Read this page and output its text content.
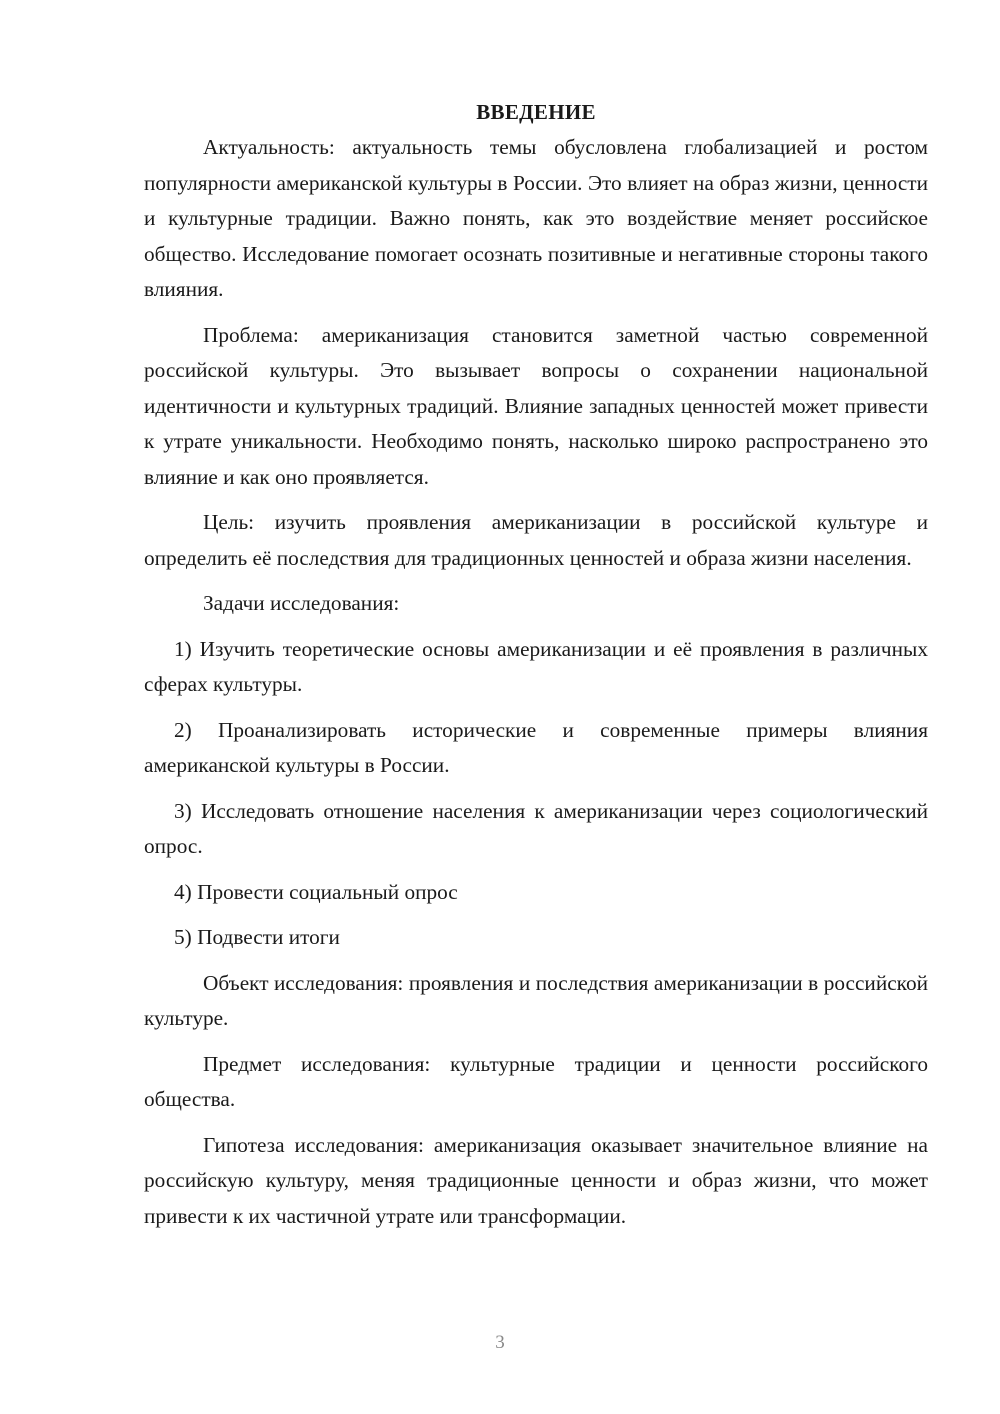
ВВЕДЕНИЕ

Актуальность: актуальность темы обусловлена глобализацией и ростом популярности американской культуры в России. Это влияет на образ жизни, ценности и культурные традиции. Важно понять, как это воздействие меняет российское общество. Исследование помогает осознать позитивные и негативные стороны такого влияния.

Проблема: американизация становится заметной частью современной российской культуры. Это вызывает вопросы о сохранении национальной идентичности и культурных традиций. Влияние западных ценностей может привести к утрате уникальности. Необходимо понять, насколько широко распространено это влияние и как оно проявляется.

Цель: изучить проявления американизации в российской культуре и определить её последствия для традиционных ценностей и образа жизни населения.

Задачи исследования:

1) Изучить теоретические основы американизации и её проявления в различных сферах культуры.

2) Проанализировать исторические и современные примеры влияния американской культуры в России.

3) Исследовать отношение населения к американизации через социологический опрос.

4) Провести социальный опрос

5) Подвести итоги

Объект исследования: проявления и последствия американизации в российской культуре.

Предмет исследования: культурные традиции и ценности российского общества.

Гипотеза исследования: американизация оказывает значительное влияние на российскую культуру, меняя традиционные ценности и образ жизни, что может привести к их частичной утрате или трансформации.

3
